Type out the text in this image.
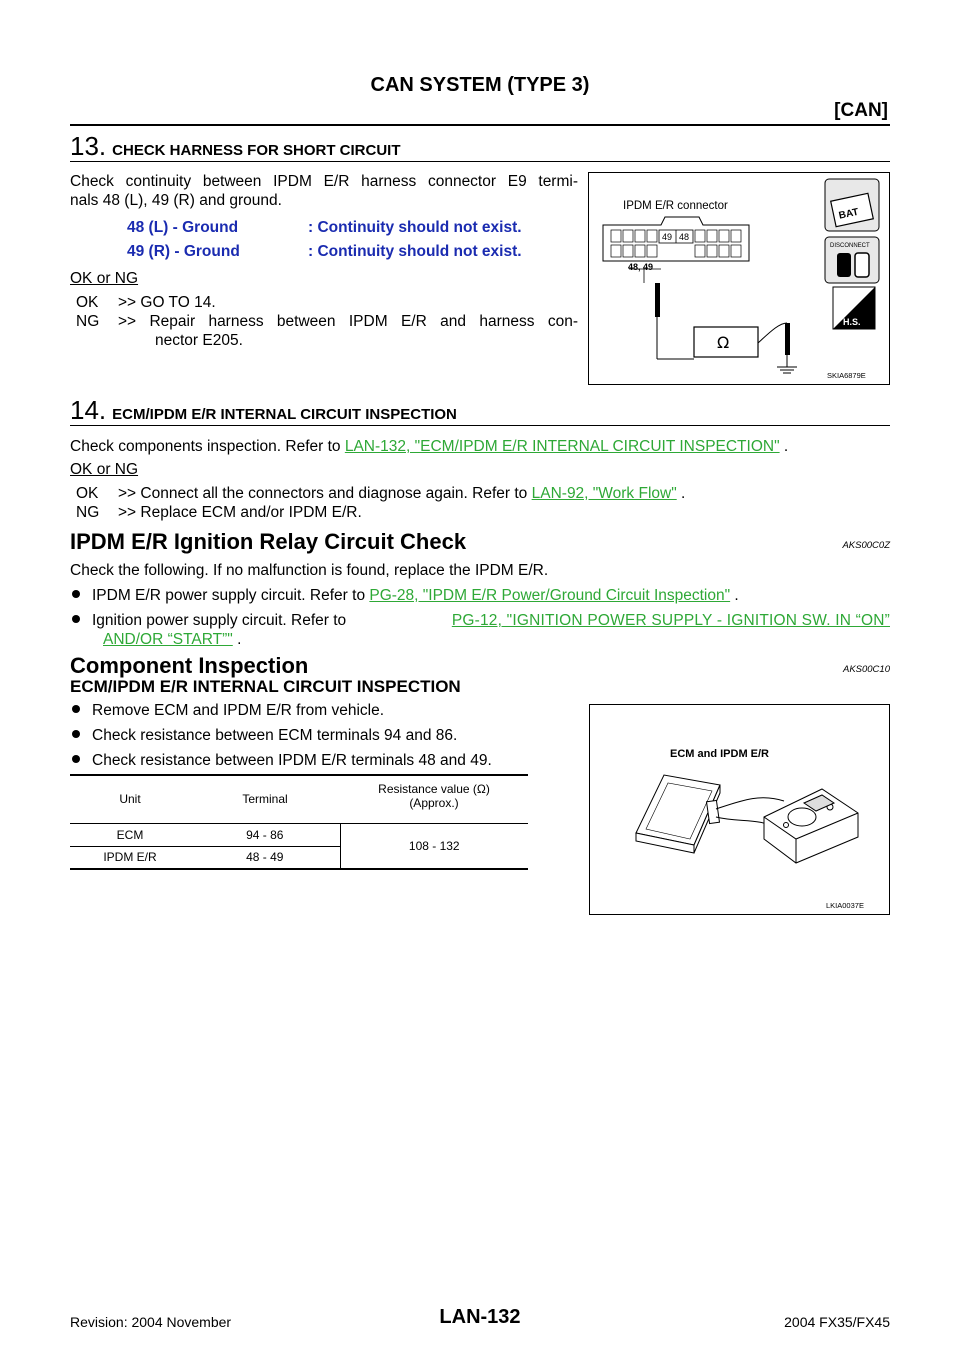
CAN SYSTEM (TYPE 3)
[CAN]
13. CHECK HARNESS FOR SHORT CIRCUIT
Check continuity between IPDM E/R harness connector E9 termi-
nals 48 (L), 49 (R) and ground.
48 (L) - Ground	: Continuity should not exist.
49 (R) - Ground	: Continuity should not exist.
OK or NG
OK >> GO TO 14.
NG >> Repair harness between IPDM E/R and harness con-
nector E205.
IPDM E/R connector
49 48
48, 49
Ω
BAT
DISCONNECT
H.S.
SKIA6879E
14. ECM/IPDM E/R INTERNAL CIRCUIT INSPECTION
Check components inspection. Refer to LAN-132, "ECM/IPDM E/R INTERNAL CIRCUIT INSPECTION" .
OK or NG
OK >> Connect all the connectors and diagnose again. Refer to LAN-92, "Work Flow" .
NG >> Replace ECM and/or IPDM E/R.
IPDM E/R Ignition Relay Circuit Check	AKS00C0Z
Check the following. If no malfunction is found, replace the IPDM E/R.
IPDM E/R power supply circuit. Refer to PG-28, "IPDM E/R Power/Ground Circuit Inspection" .
Ignition power supply circuit. Refer to	PG-12, "IGNITION POWER SUPPLY - IGNITION SW. IN “ON”
AND/OR “START”" .
Component Inspection	AKS00C10
ECM/IPDM E/R INTERNAL CIRCUIT INSPECTION
Remove ECM and IPDM E/R from vehicle.
Check resistance between ECM terminals 94 and 86.
Check resistance between IPDM E/R terminals 48 and 49.
Unit	Terminal	Resistance value (Ω)
(Approx.)

ECM	94 - 86	108 - 132
IPDM E/R	48 - 49	
ECM and IPDM E/R
LKIA0037E
Revision: 2004 November	LAN-132	2004 FX35/FX45
